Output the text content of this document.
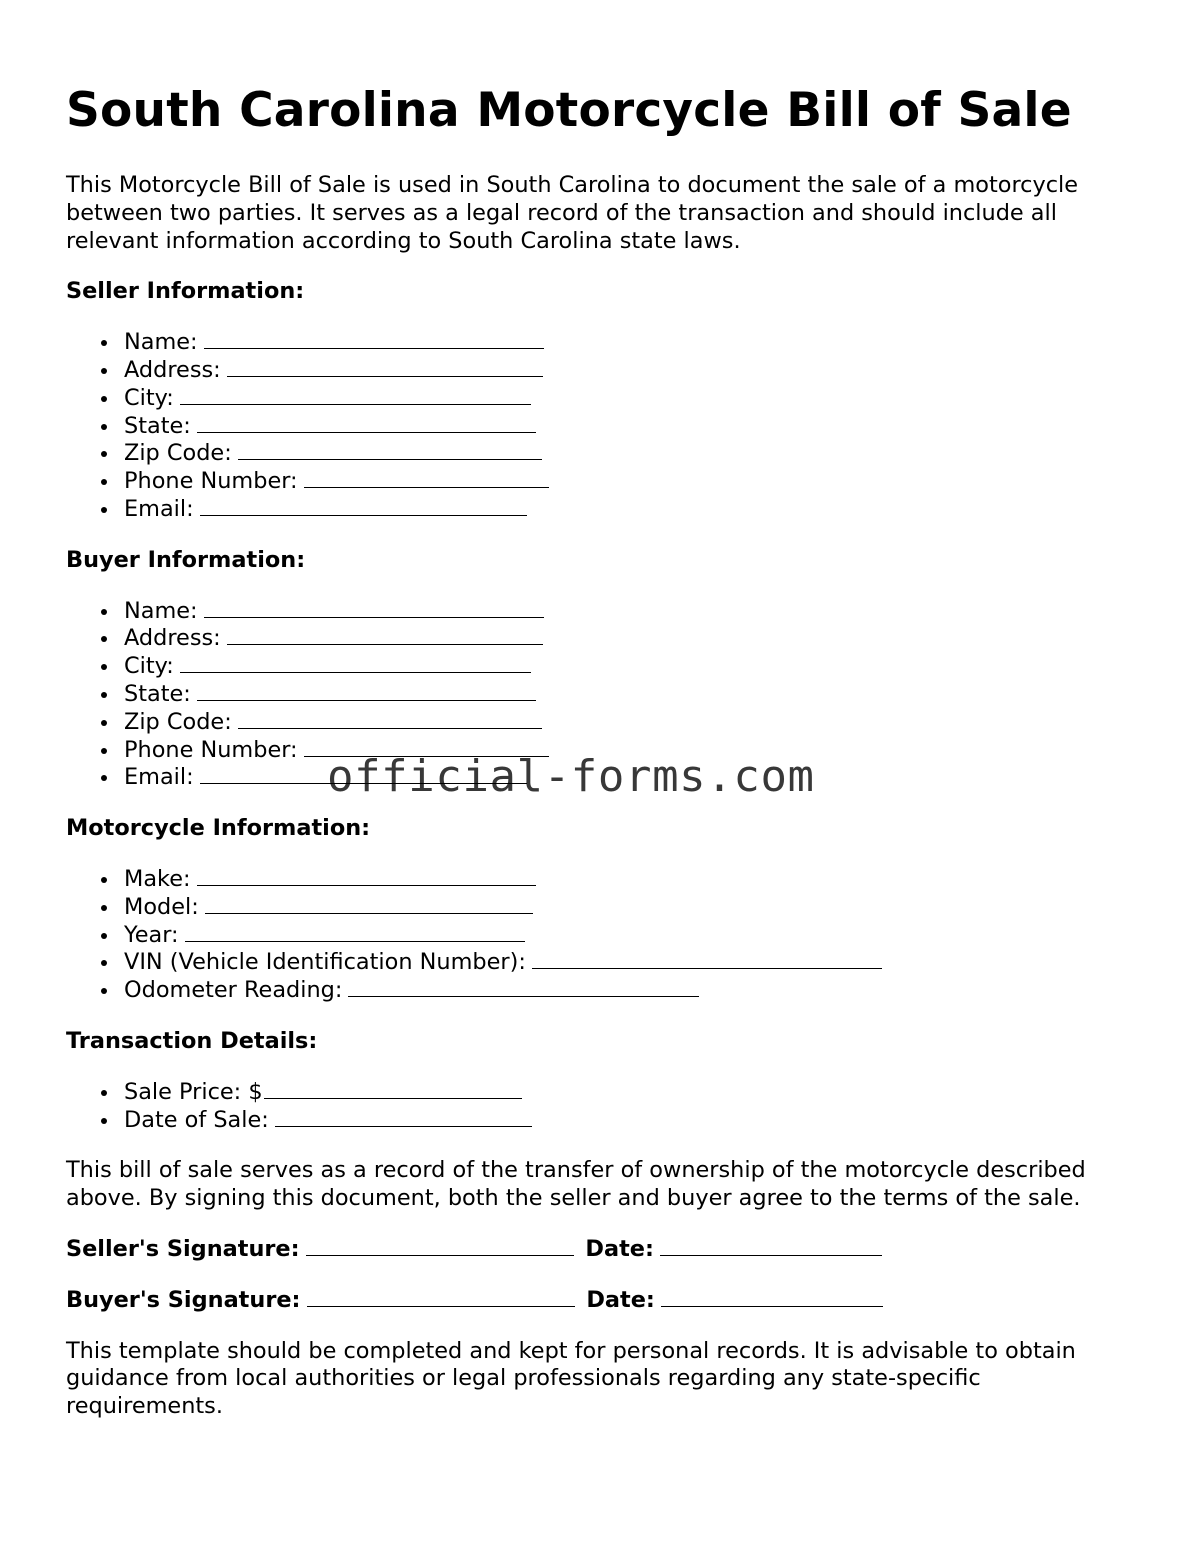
South Carolina Motorcycle Bill of Sale

This Motorcycle Bill of Sale is used in South Carolina to document the sale of a motorcycle between two parties. It serves as a legal record of the transaction and should include all relevant information according to South Carolina state laws.

Seller Information:
Name:
Address:
City:
State:
Zip Code:
Phone Number:
Email:
Buyer Information:
Name:
Address:
City:
State:
Zip Code:
Phone Number:
Email:
Motorcycle Information:
Make:
Model:
Year:
VIN (Vehicle Identification Number):
Odometer Reading:
Transaction Details:
Sale Price: $
Date of Sale:

This bill of sale serves as a record of the transfer of ownership of the motorcycle described above. By signing this document, both the seller and buyer agree to the terms of the sale.

Seller's Signature:	Date:
Buyer's Signature:	Date:

This template should be completed and kept for personal records. It is advisable to obtain guidance from local authorities or legal professionals regarding any state-specific requirements.

official-forms.com
